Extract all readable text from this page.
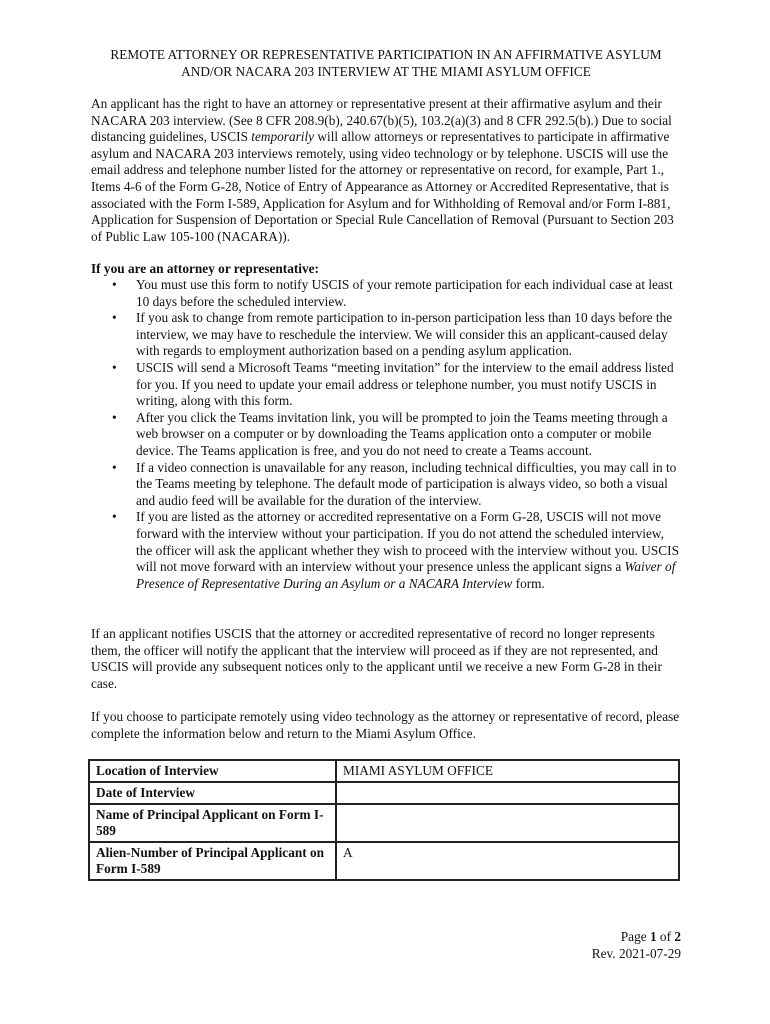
REMOTE ATTORNEY OR REPRESENTATIVE PARTICIPATION IN AN AFFIRMATIVE ASYLUM
AND/OR NACARA 203 INTERVIEW AT THE MIAMI ASYLUM OFFICE
An applicant has the right to have an attorney or representative present at their affirmative asylum and their NACARA 203 interview. (See 8 CFR 208.9(b), 240.67(b)(5), 103.2(a)(3) and 8 CFR 292.5(b).) Due to social distancing guidelines, USCIS temporarily will allow attorneys or representatives to participate in affirmative asylum and NACARA 203 interviews remotely, using video technology or by telephone. USCIS will use the email address and telephone number listed for the attorney or representative on record, for example, Part 1., Items 4-6 of the Form G-28, Notice of Entry of Appearance as Attorney or Accredited Representative, that is associated with the Form I-589, Application for Asylum and for Withholding of Removal and/or Form I-881, Application for Suspension of Deportation or Special Rule Cancellation of Removal (Pursuant to Section 203 of Public Law 105-100 (NACARA)).
If you are an attorney or representative:
• You must use this form to notify USCIS of your remote participation for each individual case at least 10 days before the scheduled interview.
• If you ask to change from remote participation to in-person participation less than 10 days before the interview, we may have to reschedule the interview. We will consider this an applicant-caused delay with regards to employment authorization based on a pending asylum application.
• USCIS will send a Microsoft Teams “meeting invitation” for the interview to the email address listed for you. If you need to update your email address or telephone number, you must notify USCIS in writing, along with this form.
• After you click the Teams invitation link, you will be prompted to join the Teams meeting through a web browser on a computer or by downloading the Teams application onto a computer or mobile device. The Teams application is free, and you do not need to create a Teams account.
• If a video connection is unavailable for any reason, including technical difficulties, you may call in to the Teams meeting by telephone. The default mode of participation is always video, so both a visual and audio feed will be available for the duration of the interview.
• If you are listed as the attorney or accredited representative on a Form G-28, USCIS will not move forward with the interview without your participation. If you do not attend the scheduled interview, the officer will ask the applicant whether they wish to proceed with the interview without you. USCIS will not move forward with an interview without your presence unless the applicant signs a Waiver of Presence of Representative During an Asylum or a NACARA Interview form.
If an applicant notifies USCIS that the attorney or accredited representative of record no longer represents them, the officer will notify the applicant that the interview will proceed as if they are not represented, and USCIS will provide any subsequent notices only to the applicant until we receive a new Form G-28 in their case.
If you choose to participate remotely using video technology as the attorney or representative of record, please complete the information below and return to the Miami Asylum Office.
Location of Interview	MIAMI ASYLUM OFFICE
Date of Interview	
Name of Principal Applicant on Form I-589	
Alien-Number of Principal Applicant on Form I-589	A
Page 1 of 2
Rev. 2021-07-29
